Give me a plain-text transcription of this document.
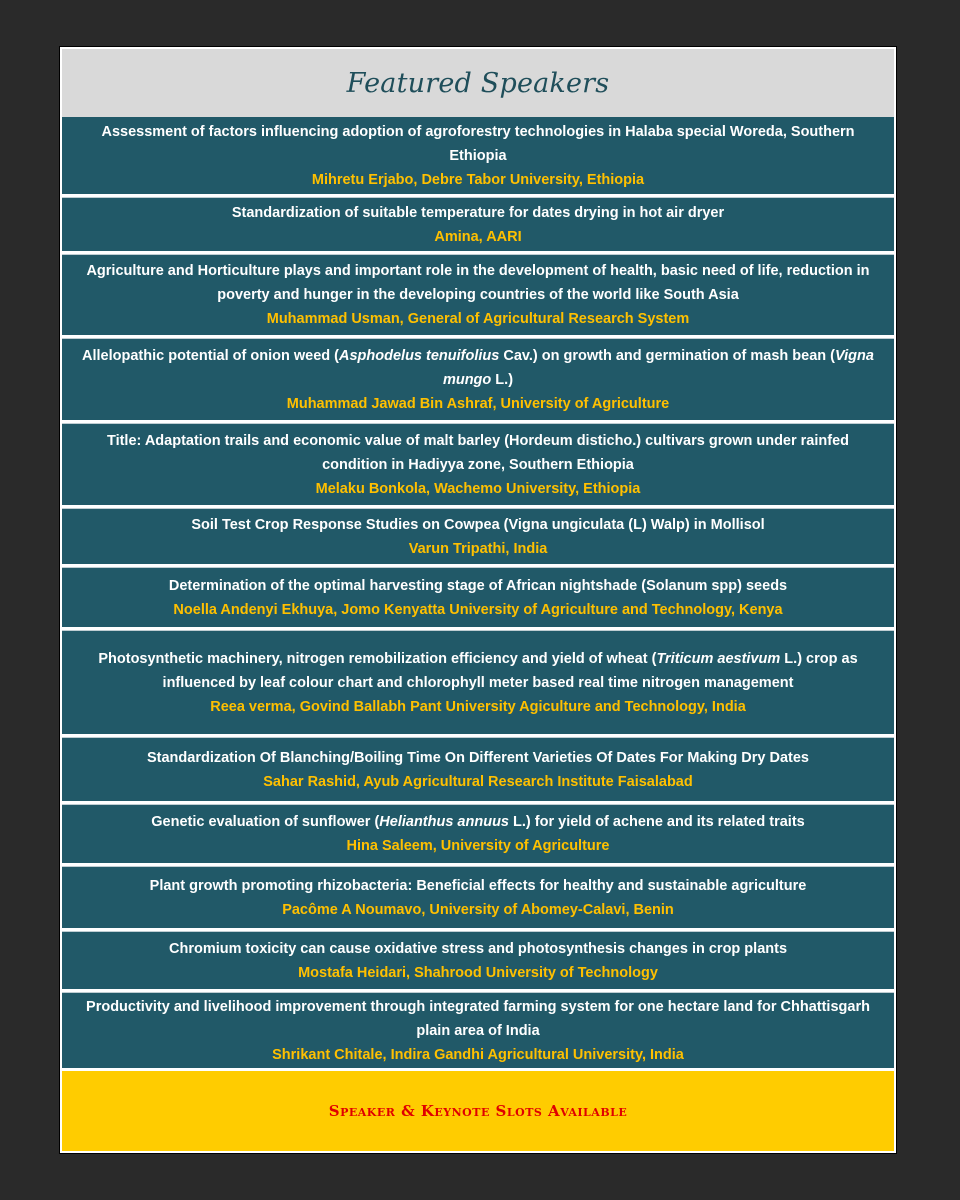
Featured Speakers
Assessment of factors influencing adoption of agroforestry technologies in Halaba special Woreda, Southern Ethiopia
Mihretu Erjabo, Debre Tabor University, Ethiopia
Standardization of suitable temperature for dates drying in hot air dryer
Amina, AARI
Agriculture and Horticulture plays and important role in the development of health, basic need of life, reduction in poverty and hunger in the developing countries of the world like South Asia
Muhammad Usman, General of Agricultural Research System
Allelopathic potential of onion weed (Asphodelus tenuifolius Cav.) on growth and germination of mash bean (Vigna mungo L.)
Muhammad Jawad Bin Ashraf, University of Agriculture
Title: Adaptation trails and economic value of malt barley (Hordeum disticho.) cultivars grown under rainfed condition in Hadiyya zone, Southern Ethiopia
Melaku Bonkola, Wachemo University, Ethiopia
Soil Test Crop Response Studies on Cowpea (Vigna ungiculata (L) Walp) in Mollisol
Varun Tripathi, India
Determination of the optimal harvesting stage of African nightshade (Solanum spp) seeds
Noella Andenyi Ekhuya, Jomo Kenyatta University of Agriculture and Technology, Kenya
Photosynthetic machinery, nitrogen remobilization efficiency and yield of wheat (Triticum aestivum L.) crop as influenced by leaf colour chart and chlorophyll meter based real time nitrogen management
Reea verma, Govind Ballabh Pant University Agiculture and Technology, India
Standardization Of Blanching/Boiling Time On Different Varieties Of Dates For Making Dry Dates
Sahar Rashid, Ayub Agricultural Research Institute Faisalabad
Genetic evaluation of sunflower (Helianthus annuus L.) for yield of achene and its related traits
Hina Saleem, University of Agriculture
Plant growth promoting rhizobacteria: Beneficial effects for healthy and sustainable agriculture
Pacôme A Noumavo, University of Abomey-Calavi, Benin
Chromium toxicity can cause oxidative stress and photosynthesis changes in crop plants
Mostafa Heidari, Shahrood University of Technology
Productivity and livelihood improvement through integrated farming system for one hectare land for Chhattisgarh plain area of India
Shrikant Chitale, Indira Gandhi Agricultural University, India
Speaker & Keynote Slots Available
